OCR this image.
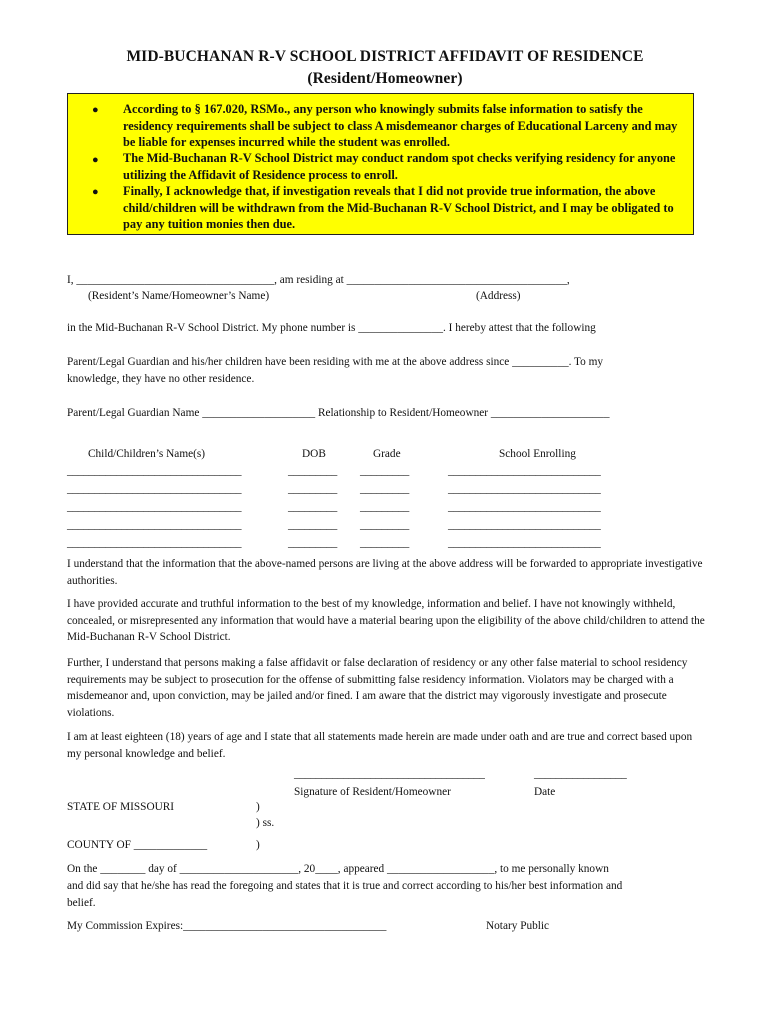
MID-BUCHANAN R-V SCHOOL DISTRICT AFFIDAVIT OF RESIDENCE
(Resident/Homeowner)
● According to § 167.020, RSMo., any person who knowingly submits false information to satisfy the residency requirements shall be subject to class A misdemeanor charges of Educational Larceny and may be liable for expenses incurred while the student was enrolled.
● The Mid-Buchanan R-V School District may conduct random spot checks verifying residency for anyone utilizing the Affidavit of Residence process to enroll.
● Finally, I acknowledge that, if investigation reveals that I did not provide true information, the above child/children will be withdrawn from the Mid-Buchanan R-V School District, and I may be obligated to pay any tuition monies then due.
I, ___________________________________, am residing at _______________________________________,
(Resident’s Name/Homeowner’s Name)	(Address)
in the Mid-Buchanan R-V School District. My phone number is _______________. I hereby attest that the following
Parent/Legal Guardian and his/her children have been residing with me at the above address since __________. To my
knowledge, they have no other residence.
Parent/Legal Guardian Name ____________________ Relationship to Resident/Homeowner _____________________
Child/Children’s Name(s)	DOB	Grade	School Enrolling
________________________________	_________ _________	____________________________
________________________________	_________ _________	____________________________
________________________________	_________ _________	____________________________
________________________________	_________ _________	____________________________
________________________________	_________ _________	____________________________
I understand that the information that the above-named persons are living at the above address will be forwarded to appropriate investigative authorities.
I have provided accurate and truthful information to the best of my knowledge, information and belief. I have not knowingly withheld, concealed, or misrepresented any information that would have a material bearing upon the eligibility of the above child/children to attend the Mid-Buchanan R-V School District.
Further, I understand that persons making a false affidavit or false declaration of residency or any other false material to school residency requirements may be subject to prosecution for the offense of submitting false residency information. Violators may be charged with a misdemeanor and, upon conviction, may be jailed and/or fined. I am aware that the district may vigorously investigate and prosecute violations.
I am at least eighteen (18) years of age and I state that all statements made herein are made under oath and are true and correct based upon my personal knowledge and belief.
___________________________________	_________________
Signature of Resident/Homeowner	Date
STATE OF MISSOURI	)
) ss.
COUNTY OF _____________	)
On the ________ day of _____________________, 20____, appeared ___________________, to me personally known
and did say that he/she has read the foregoing and states that it is true and correct according to his/her best information and
belief.
My Commission Expires:____________________________________	Notary Public
